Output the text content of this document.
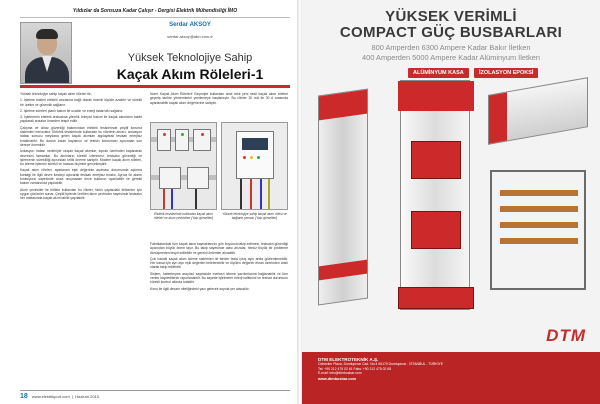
Yıldızlar da Sonsuza Kadar Çalışır - Dergisi Elektrik Mühendisliği İMO
Serdar AKSOY
serdar.aksoy@dtm.com.tr
Yüksek Teknolojiye Sahip
Kaçak Akım Röleleri-1

Yüksek teknolojiye sahip kaçak akım röleleri ile;

1. İşletme riskleri elektrik arızasına bağlı olarak önemli ölçüde azaltılır ve sürekli bir üretim ve güvenlik sağlanır.

2. İşletme süreleri planlı bakım ile uzatılır ve enerji tasarrufu sağlanır.

3. İşletmenin elektrik tesisatına yönelik önleyici bakım ile kaçak akımların takibi yapılarak arızalar önceden tespit edilir.

Çalışma ve cihaz güvenliği bakımından elektrik tesislerinde çeşitli koruma sistemleri mevcuttur. Elektrik tesislerinde kullanılan bu rölelerin amacı, izolasyon hatası sonucu meydana gelen kaçak akımları algılayarak tesisatı enerjisiz bırakmaktır. Bu durum insan hayatının ve tesisin korunması açısından son derece önemlidir.

İzolasyon hatası nedeniyle oluşan kaçak akımlar, toprak üzerinden kapanarak devresini tamamlar. Bu akımların sürekli izlenmesi, tesisatın güvenliği ve işletmenin sürekliliği açısından kritik öneme sahiptir. Modern kaçak akım röleleri, bu izleme işlemini sürekli ve hassas biçimde gerçekleştirir.

Kaçak akım röleleri, ayarlanan eşik değerinin aşılması durumunda açtırma kontağı ile ilgili devre kesiciyi açtırarak tesisatı enerjisiz bırakır. Ayrıca ön alarm fonksiyonu sayesinde arıza oluşmadan önce kullanıcı uyarılabilir ve gerekli bakım zamanında yapılabilir.

Akım çeviriciler ile birlikte kullanılan bu röleler, farklı çaplardaki iletkenler için uygun çözümler sunar. Çeşitli tiplerde üretilen akım çeviriciler sayesinde tesisatın her noktasında kaçak akım takibi yapılabilir.

Norm Kaçak Akım Röleleri! Geçmişte kullanılan ama artık yeni nesil kaçak akım röleleri geçmiş tarihte yöntemlerini yenilemeye başlamıştır. Bu röleler 30 mA ile 30 A arasında ayarlanabilir kaçak akım değerlerine sahiptir.

Elektrik tesislerinde kullanılan kaçak akım röleleri ve akım çeviricileri (Yazı görselleri)
Yüksek teknolojiye sahip kaçak akım rölesi ve bağlantı şeması (Yazı görselleri)

Fabrikalardaki tüm kaçak akım kaynaklarının gün boyunca takip edilmesi, tesisatın güvenliği açısından büyük önem taşır. Bu takip sayesinde olası arızalar, henüz büyük bir probleme dönüşmeden tespit edilebilir ve gerekli önlemler alınabilir.

Çok kanallı kaçak akım izleme sistemleri ile birden fazla çıkış aynı anda gözlemlenebilir. Her kanal için ayrı ayrı eşik değerleri belirlenebilir ve ölçülen değerler ekran üzerinden anlık olarak takip edilebilir.

Sistem, haberleşme arayüzü sayesinde merkezi izleme yazılımlarına bağlanabilir ve tüm veriler kaydedilerek raporlanabilir. Bu sayede işletmeler enerji kalitesini ve tesisat durumunu sürekli kontrol altında tutabilir.

Konu ile ilgili devam niteliğindeki yazı gelecek sayıda yer alacaktır.

18 www.elektrikport.com  |  Haziran 2015
YÜKSEK VERİMLİ
COMPACT GÜÇ BUSBARLARI
800 Amperden 6300 Ampere Kadar Bakır İletken
400 Amperden 5000 Ampere Kadar Alüminyum İletken
ALÜMİNYUM KASA	İZOLASYON EPOKSİ
DTM
DTM ELEKTROTEKNİK A.Ş.
Cebeciler Plaza, Dumlupınar Cad. No:4 06170 Dumlupınar - İSTANBUL - TÜRKİYE
Tel: +90 212 475 02 61 Faks: +90 212 475 02 65
E-mail: info@dtmbusbar.com
www.dtmbusbar.com
